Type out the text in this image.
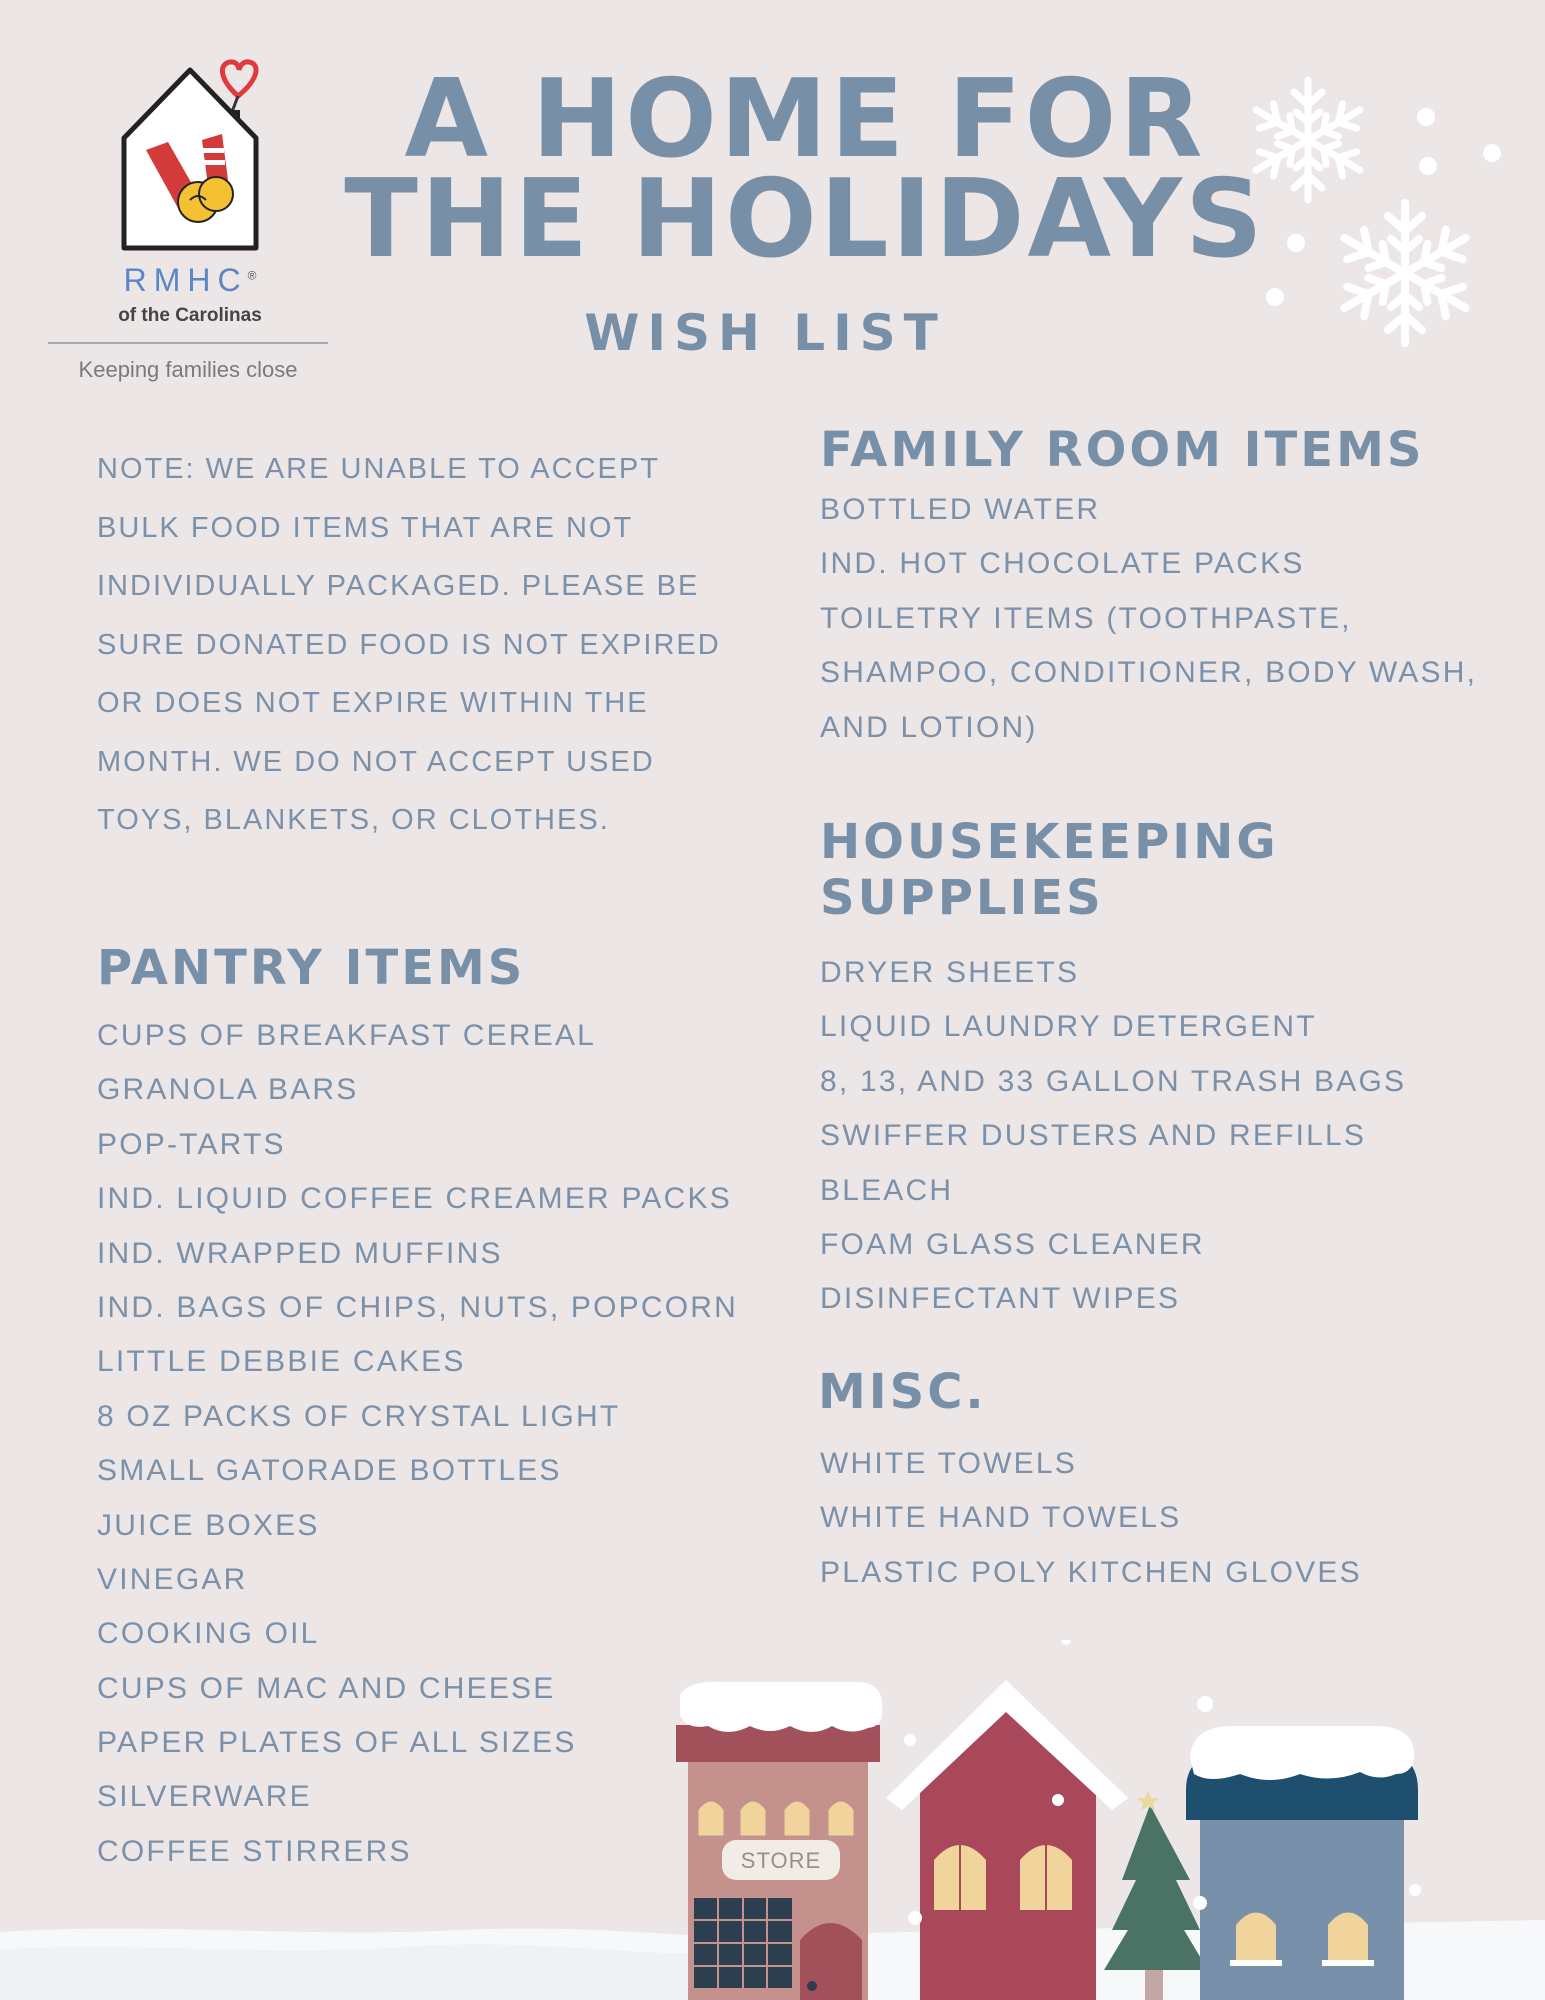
RMHC®
of the Carolinas
Keeping families close
A HOME FOR
THE HOLIDAYS
WISH LIST
NOTE: WE ARE UNABLE TO ACCEPT BULK FOOD ITEMS THAT ARE NOT INDIVIDUALLY PACKAGED. PLEASE BE SURE DONATED FOOD IS NOT EXPIRED OR DOES NOT EXPIRE WITHIN THE MONTH. WE DO NOT ACCEPT USED TOYS, BLANKETS, OR CLOTHES.
PANTRY ITEMS
CUPS OF BREAKFAST CEREAL
GRANOLA BARS
POP-TARTS
IND. LIQUID COFFEE CREAMER PACKS
IND. WRAPPED MUFFINS
IND. BAGS OF CHIPS, NUTS, POPCORN
LITTLE DEBBIE CAKES
8 OZ PACKS OF CRYSTAL LIGHT
SMALL GATORADE BOTTLES
JUICE BOXES
VINEGAR
COOKING OIL
CUPS OF MAC AND CHEESE
PAPER PLATES OF ALL SIZES
SILVERWARE
COFFEE STIRRERS
FAMILY ROOM ITEMS
BOTTLED WATER
IND. HOT CHOCOLATE PACKS
TOILETRY ITEMS (TOOTHPASTE,
SHAMPOO, CONDITIONER, BODY WASH,
AND LOTION)
HOUSEKEEPING
SUPPLIES
DRYER SHEETS
LIQUID LAUNDRY DETERGENT
8, 13, AND 33 GALLON TRASH BAGS
SWIFFER DUSTERS AND REFILLS
BLEACH
FOAM GLASS CLEANER
DISINFECTANT WIPES
MISC.
WHITE TOWELS
WHITE HAND TOWELS
PLASTIC POLY KITCHEN GLOVES
STORE
